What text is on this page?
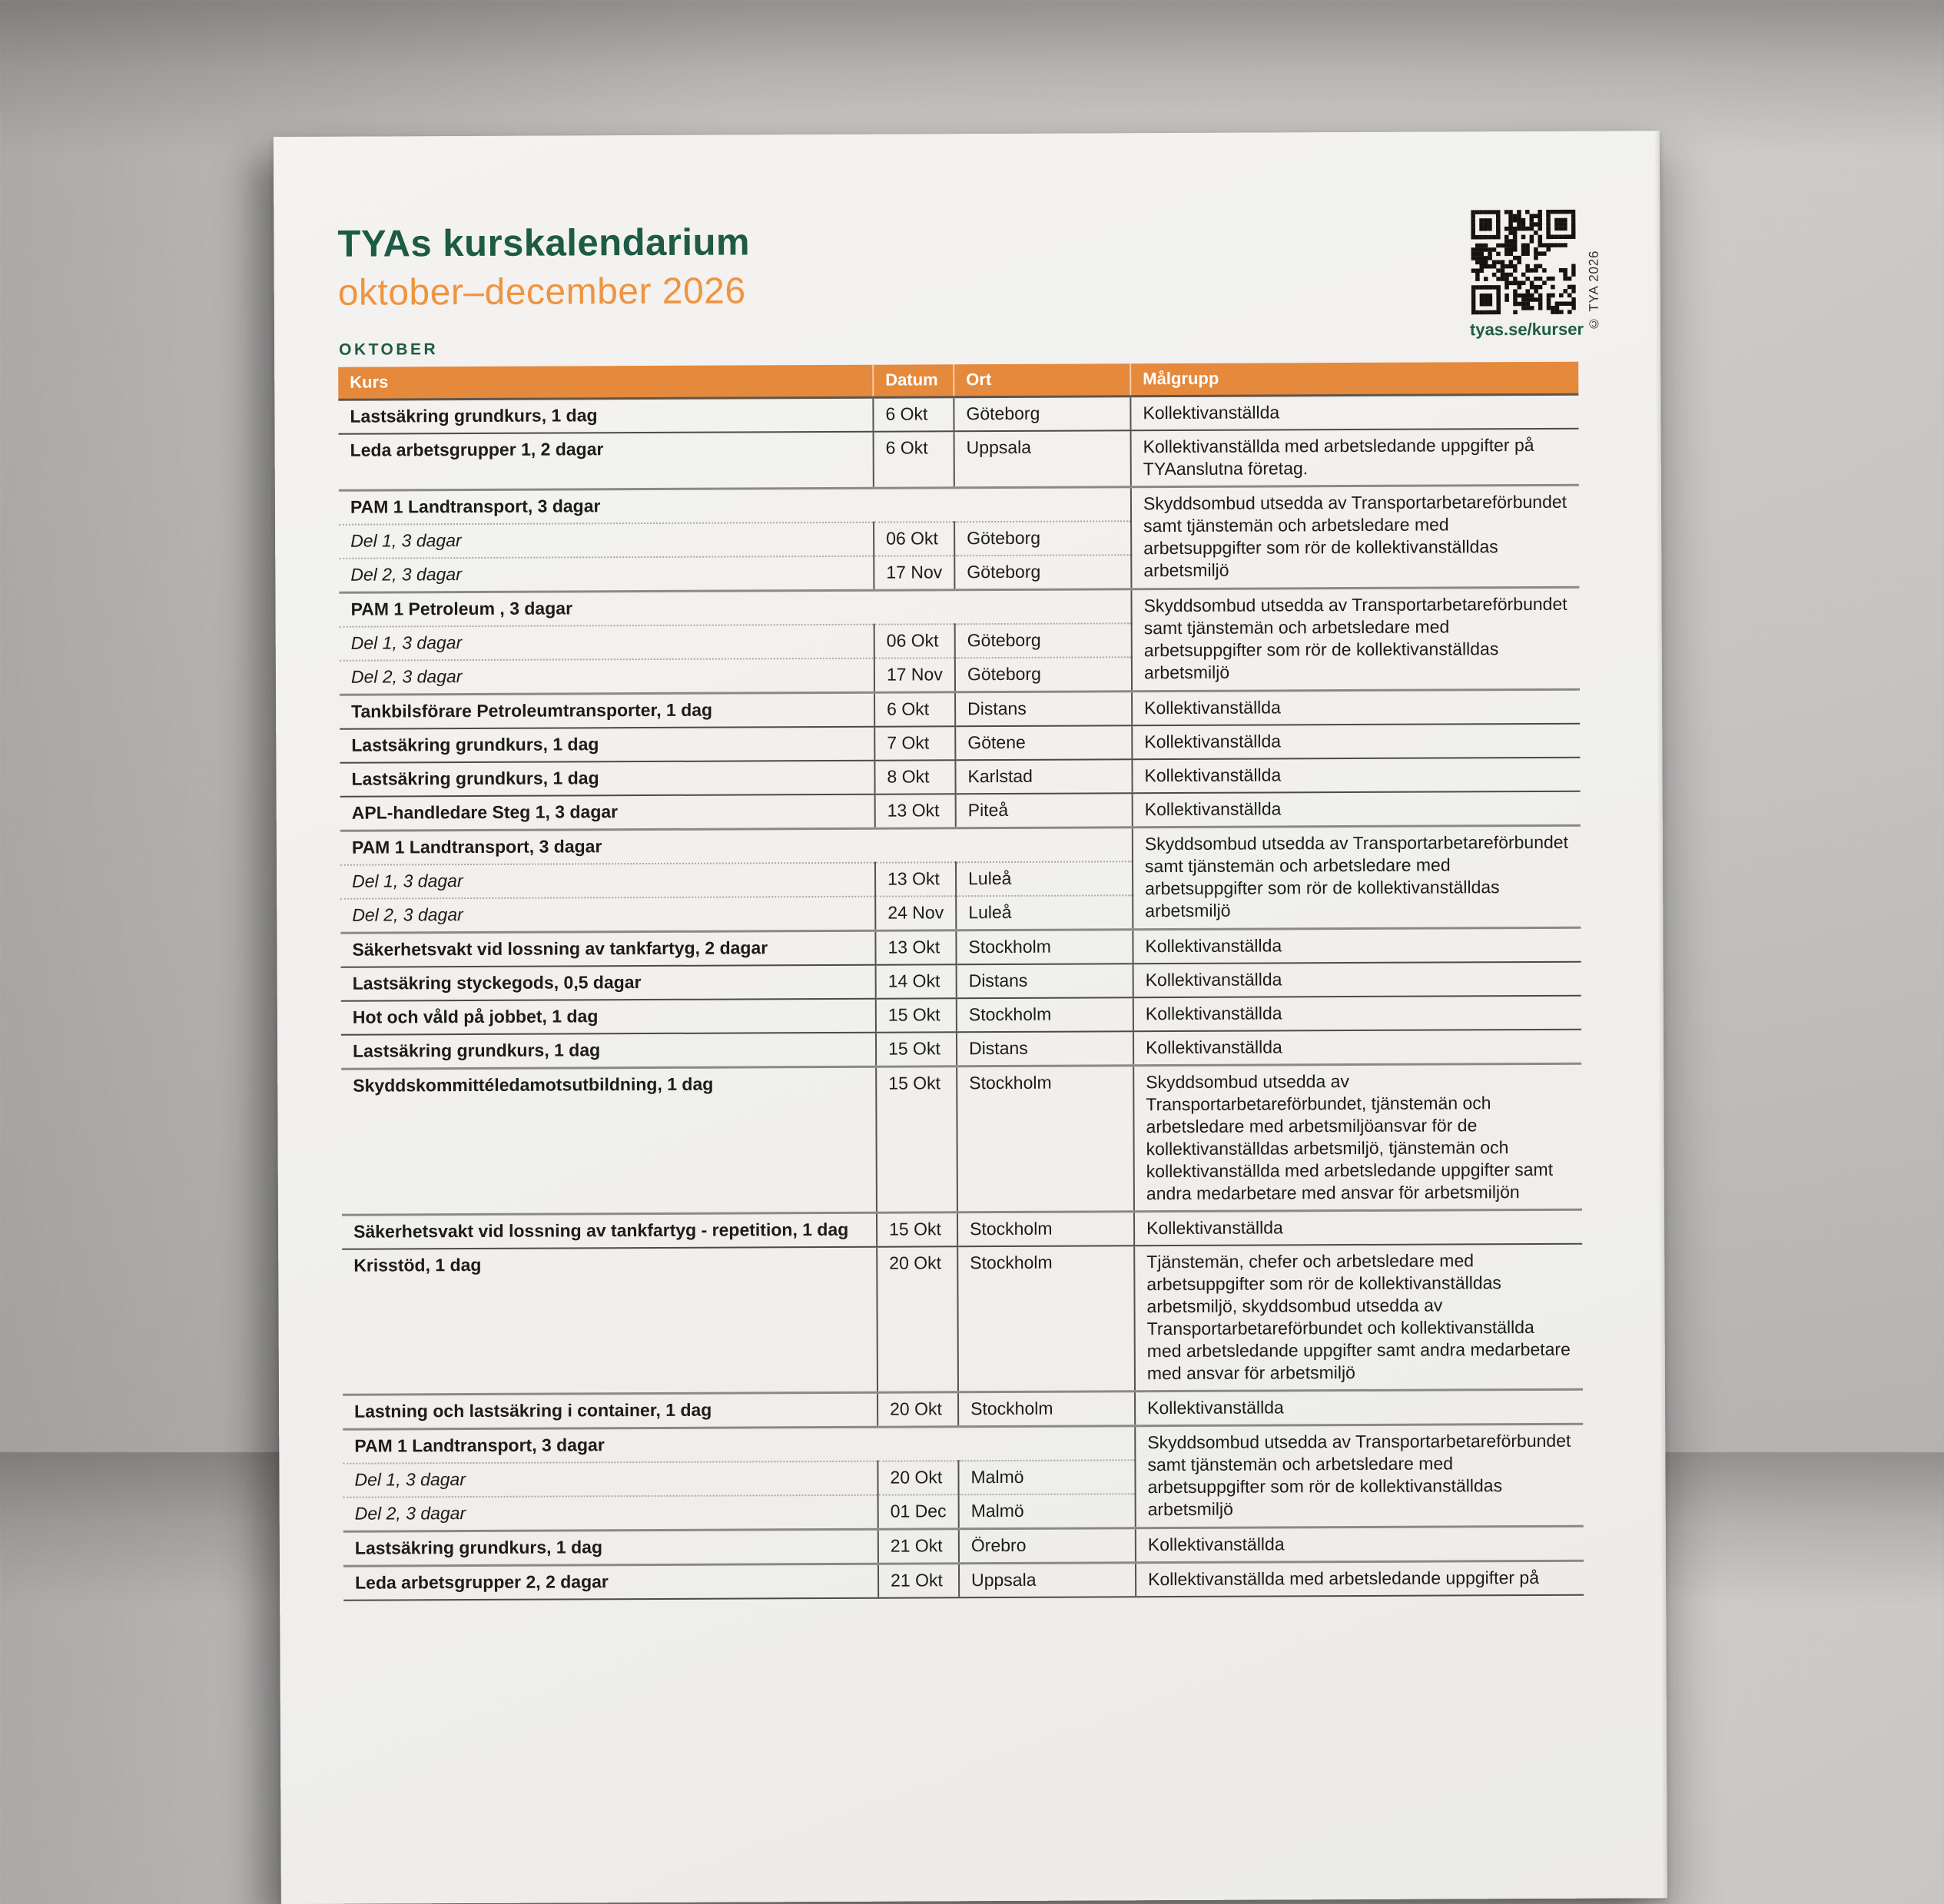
TYAs kurskalendarium
oktober–december 2026
tyas.se/kurser © TYA 2026
OKTOBER
Kurs	Datum	Ort	Målgrupp
Lastsäkring grundkurs, 1 dag	6 Okt	Göteborg	Kollektivanställda
Leda arbetsgrupper 1, 2 dagar	6 Okt	Uppsala	Kollektivanställda med arbetsledande uppgifter på TYAanslutna företag.
PAM 1 Landtransport, 3 dagar			Skyddsombud utsedda av Transportarbetareförbundet samt tjänstemän och arbetsledare med arbetsuppgifter som rör de kollektivanställdas arbetsmiljö
Del 1, 3 dagar	06 Okt	Göteborg	
Del 2, 3 dagar	17 Nov	Göteborg	
PAM 1 Petroleum , 3 dagar			Skyddsombud utsedda av Transportarbetareförbundet samt tjänstemän och arbetsledare med arbetsuppgifter som rör de kollektivanställdas arbetsmiljö
Del 1, 3 dagar	06 Okt	Göteborg	
Del 2, 3 dagar	17 Nov	Göteborg	
Tankbilsförare Petroleumtransporter, 1 dag	6 Okt	Distans	Kollektivanställda
Lastsäkring grundkurs, 1 dag	7 Okt	Götene	Kollektivanställda
Lastsäkring grundkurs, 1 dag	8 Okt	Karlstad	Kollektivanställda
APL-handledare Steg 1, 3 dagar	13 Okt	Piteå	Kollektivanställda
PAM 1 Landtransport, 3 dagar			Skyddsombud utsedda av Transportarbetareförbundet samt tjänstemän och arbetsledare med arbetsuppgifter som rör de kollektivanställdas arbetsmiljö
Del 1, 3 dagar	13 Okt	Luleå	
Del 2, 3 dagar	24 Nov	Luleå	
Säkerhetsvakt vid lossning av tankfartyg, 2 dagar	13 Okt	Stockholm	Kollektivanställda
Lastsäkring styckegods, 0,5 dagar	14 Okt	Distans	Kollektivanställda
Hot och våld på jobbet, 1 dag	15 Okt	Stockholm	Kollektivanställda
Lastsäkring grundkurs, 1 dag	15 Okt	Distans	Kollektivanställda
Skyddskommittéledamotsutbildning, 1 dag	15 Okt	Stockholm	Skyddsombud utsedda av Transportarbetareförbundet, tjänstemän och arbetsledare med arbetsmiljöansvar för de kollektivanställdas arbetsmiljö, tjänstemän och kollektivanställda med arbetsledande uppgifter samt andra medarbetare med ansvar för arbetsmiljön
Säkerhetsvakt vid lossning av tankfartyg - repetition, 1 dag	15 Okt	Stockholm	Kollektivanställda
Krisstöd, 1 dag	20 Okt	Stockholm	Tjänstemän, chefer och arbetsledare med arbetsuppgifter som rör de kollektivanställdas arbetsmiljö, skyddsombud utsedda av Transportarbetareförbundet och kollektivanställda med arbetsledande uppgifter samt andra medarbetare med ansvar för arbetsmiljö
Lastning och lastsäkring i container, 1 dag	20 Okt	Stockholm	Kollektivanställda
PAM 1 Landtransport, 3 dagar			Skyddsombud utsedda av Transportarbetareförbundet samt tjänstemän och arbetsledare med arbetsuppgifter som rör de kollektivanställdas arbetsmiljö
Del 1, 3 dagar	20 Okt	Malmö	
Del 2, 3 dagar	01 Dec	Malmö	
Lastsäkring grundkurs, 1 dag	21 Okt	Örebro	Kollektivanställda
Leda arbetsgrupper 2, 2 dagar	21 Okt	Uppsala	Kollektivanställda med arbetsledande uppgifter på
